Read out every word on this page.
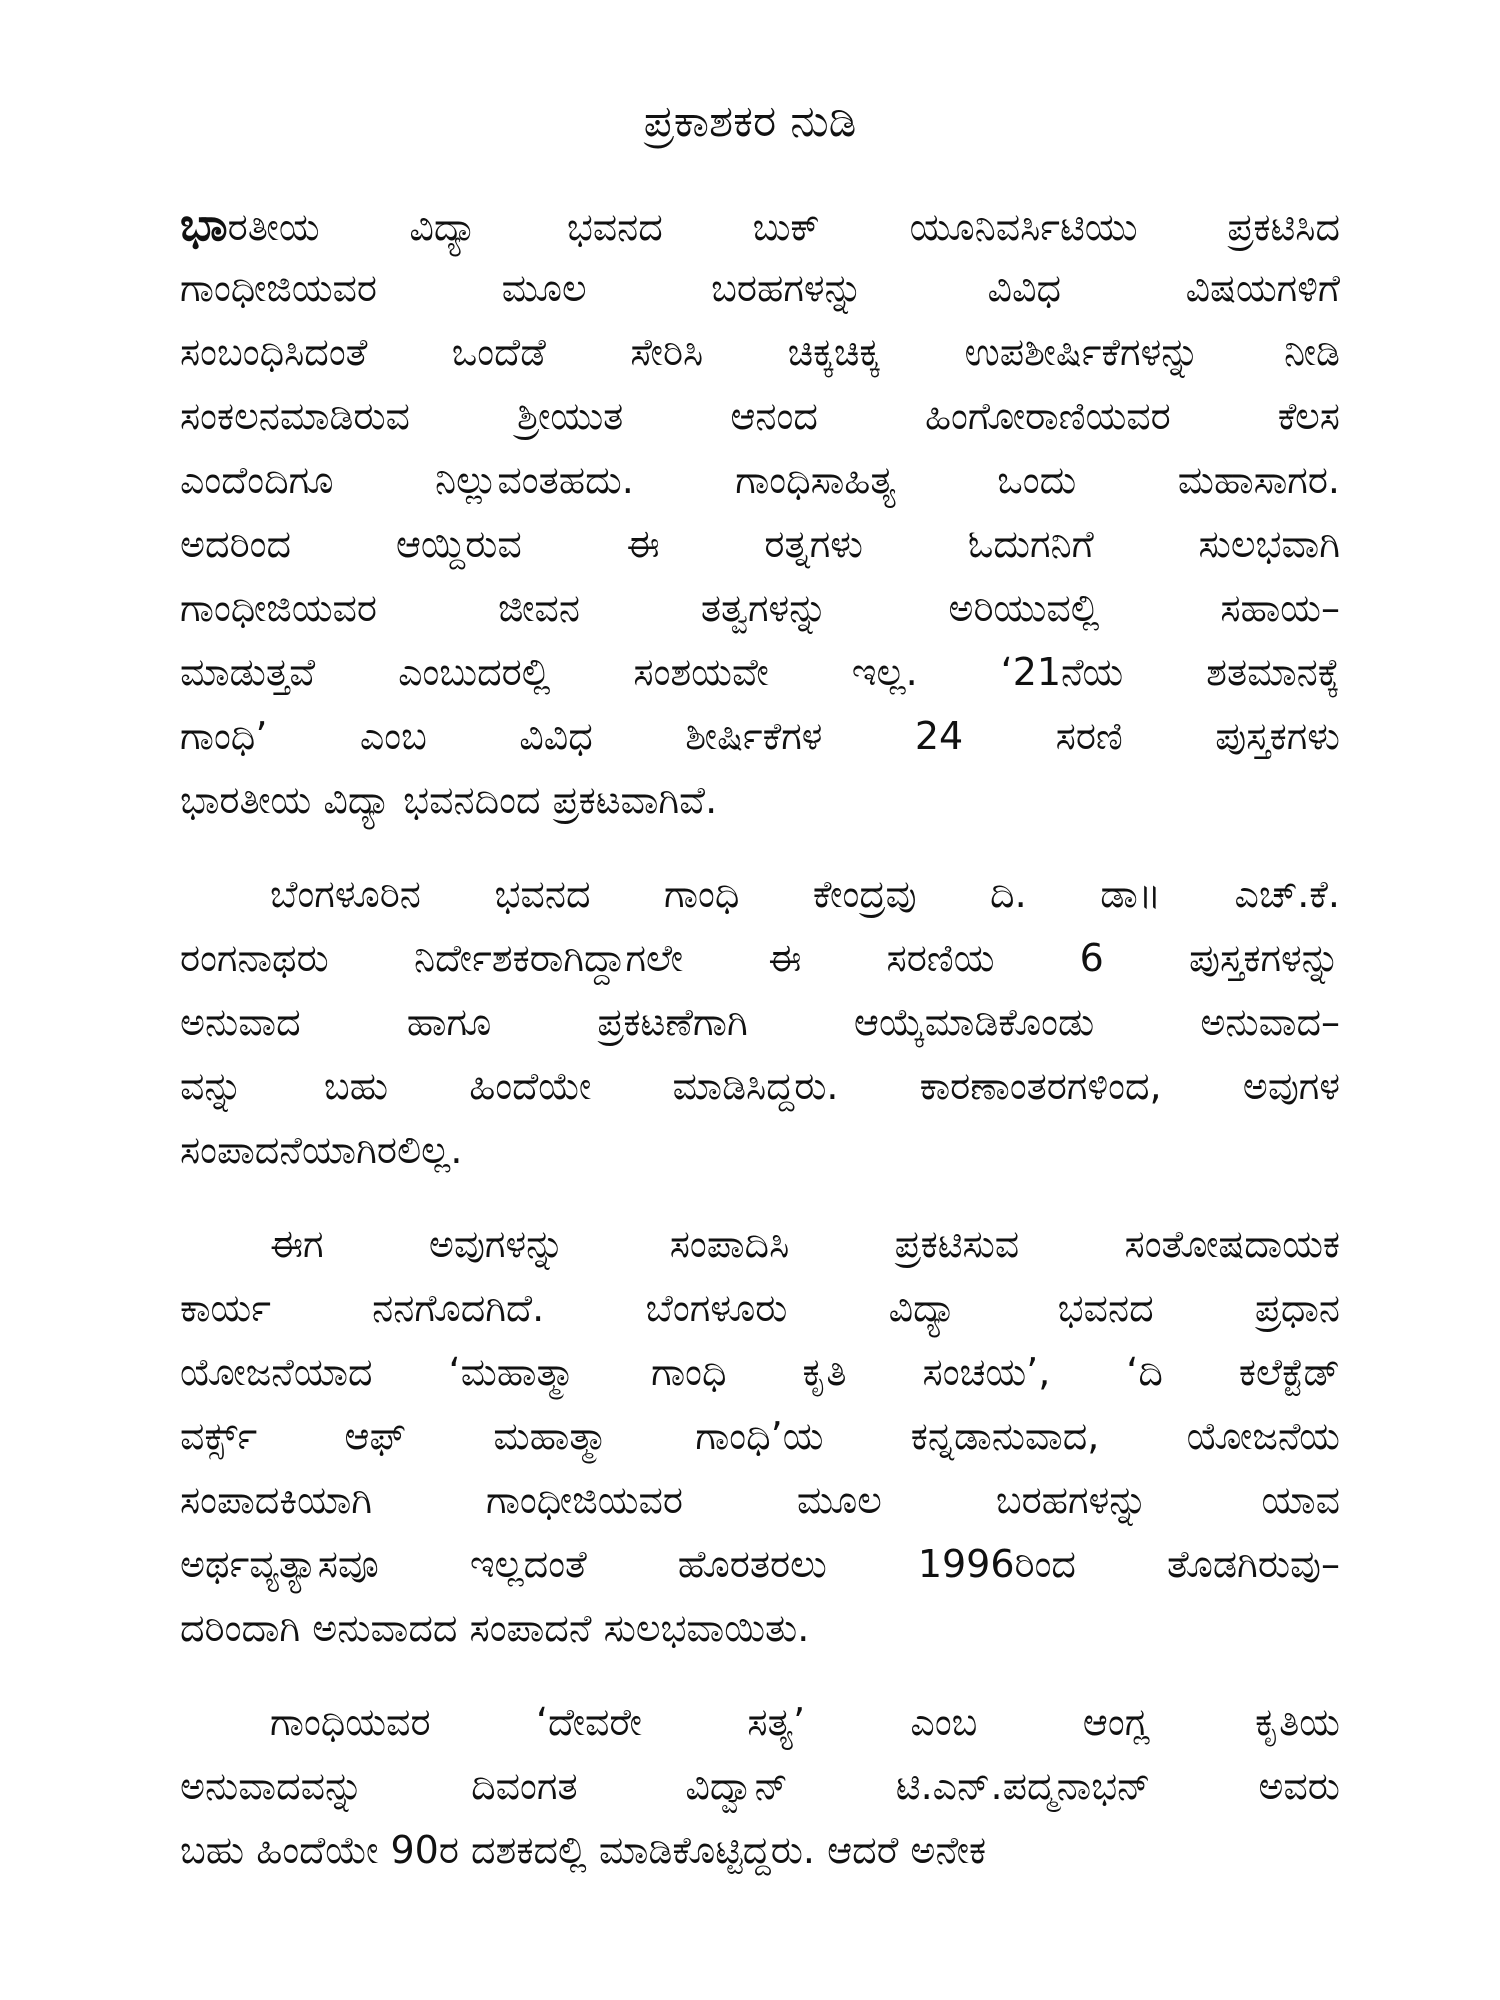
ಪ್ರಕಾಶಕರ ನುಡಿ
ಭಾರತೀಯ ವಿದ್ಯಾ ಭವನದ ಬುಕ್ ಯೂನಿವರ್ಸಿಟಿಯು ಪ್ರಕಟಿಸಿದ
ಗಾಂಧೀಜಿಯವರ ಮೂಲ ಬರಹಗಳನ್ನು ವಿವಿಧ ವಿಷಯಗಳಿಗೆ
ಸಂಬಂಧಿಸಿದಂತೆ ಒಂದೆಡೆ ಸೇರಿಸಿ ಚಿಕ್ಕಚಿಕ್ಕ ಉಪಶೀರ್ಷಿಕೆಗಳನ್ನು ನೀಡಿ
ಸಂಕಲನಮಾಡಿರುವ ಶ್ರೀಯುತ ಆನಂದ ಹಿಂಗೋರಾಣಿಯವರ ಕೆಲಸ
ಎಂದೆಂದಿಗೂ ನಿಲ್ಲುವಂತಹದು. ಗಾಂಧಿಸಾಹಿತ್ಯ ಒಂದು ಮಹಾಸಾಗರ.
ಅದರಿಂದ ಆಯ್ದಿರುವ ಈ ರತ್ನಗಳು ಓದುಗನಿಗೆ ಸುಲಭವಾಗಿ
ಗಾಂಧೀಜಿಯವರ ಜೀವನ ತತ್ವಗಳನ್ನು ಅರಿಯುವಲ್ಲಿ ಸಹಾಯ–
ಮಾಡುತ್ತವೆ ಎಂಬುದರಲ್ಲಿ ಸಂಶಯವೇ ಇಲ್ಲ. ‘21ನೆಯ ಶತಮಾನಕ್ಕೆ
ಗಾಂಧಿ’ ಎಂಬ ವಿವಿಧ ಶೀರ್ಷಿಕೆಗಳ 24 ಸರಣಿ ಪುಸ್ತಕಗಳು
ಭಾರತೀಯ ವಿದ್ಯಾ ಭವನದಿಂದ ಪ್ರಕಟವಾಗಿವೆ.
ಬೆಂಗಳೂರಿನ ಭವನದ ಗಾಂಧಿ ಕೇಂದ್ರವು ದಿ. ಡಾ॥ ಎಚ್.ಕೆ.
ರಂಗನಾಥರು ನಿರ್ದೇಶಕರಾಗಿದ್ದಾಗಲೇ ಈ ಸರಣಿಯ 6 ಪುಸ್ತಕಗಳನ್ನು
ಅನುವಾದ ಹಾಗೂ ಪ್ರಕಟಣೆಗಾಗಿ ಆಯ್ಕೆಮಾಡಿಕೊಂಡು ಅನುವಾದ–
ವನ್ನು ಬಹು ಹಿಂದೆಯೇ ಮಾಡಿಸಿದ್ದರು. ಕಾರಣಾಂತರಗಳಿಂದ, ಅವುಗಳ
ಸಂಪಾದನೆಯಾಗಿರಲಿಲ್ಲ.
ಈಗ ಅವುಗಳನ್ನು ಸಂಪಾದಿಸಿ ಪ್ರಕಟಿಸುವ ಸಂತೋಷದಾಯಕ
ಕಾರ್ಯ ನನಗೊದಗಿದೆ. ಬೆಂಗಳೂರು ವಿದ್ಯಾ ಭವನದ ಪ್ರಧಾನ
ಯೋಜನೆಯಾದ ‘ಮಹಾತ್ಮಾ ಗಾಂಧಿ ಕೃತಿ ಸಂಚಯ’, ‘ದಿ ಕಲೆಕ್ಟೆಡ್
ವರ್ಕ್ಸ್ ಆಫ್ ಮಹಾತ್ಮಾ ಗಾಂಧಿ’ಯ ಕನ್ನಡಾನುವಾದ, ಯೋಜನೆಯ
ಸಂಪಾದಕಿಯಾಗಿ ಗಾಂಧೀಜಿಯವರ ಮೂಲ ಬರಹಗಳನ್ನು ಯಾವ
ಅರ್ಥವ್ಯತ್ಯಾಸವೂ ಇಲ್ಲದಂತೆ ಹೊರತರಲು 1996ರಿಂದ ತೊಡಗಿರುವು–
ದರಿಂದಾಗಿ ಅನುವಾದದ ಸಂಪಾದನೆ ಸುಲಭವಾಯಿತು.
ಗಾಂಧಿಯವರ ‘ದೇವರೇ ಸತ್ಯ’ ಎಂಬ ಆಂಗ್ಲ ಕೃತಿಯ
ಅನುವಾದವನ್ನು ದಿವಂಗತ ವಿದ್ವಾನ್ ಟಿ.ಎನ್.ಪದ್ಮನಾಭನ್ ಅವರು
ಬಹು ಹಿಂದೆಯೇ 90ರ ದಶಕದಲ್ಲಿ ಮಾಡಿಕೊಟ್ಟಿದ್ದರು. ಆದರೆ ಅನೇಕ
